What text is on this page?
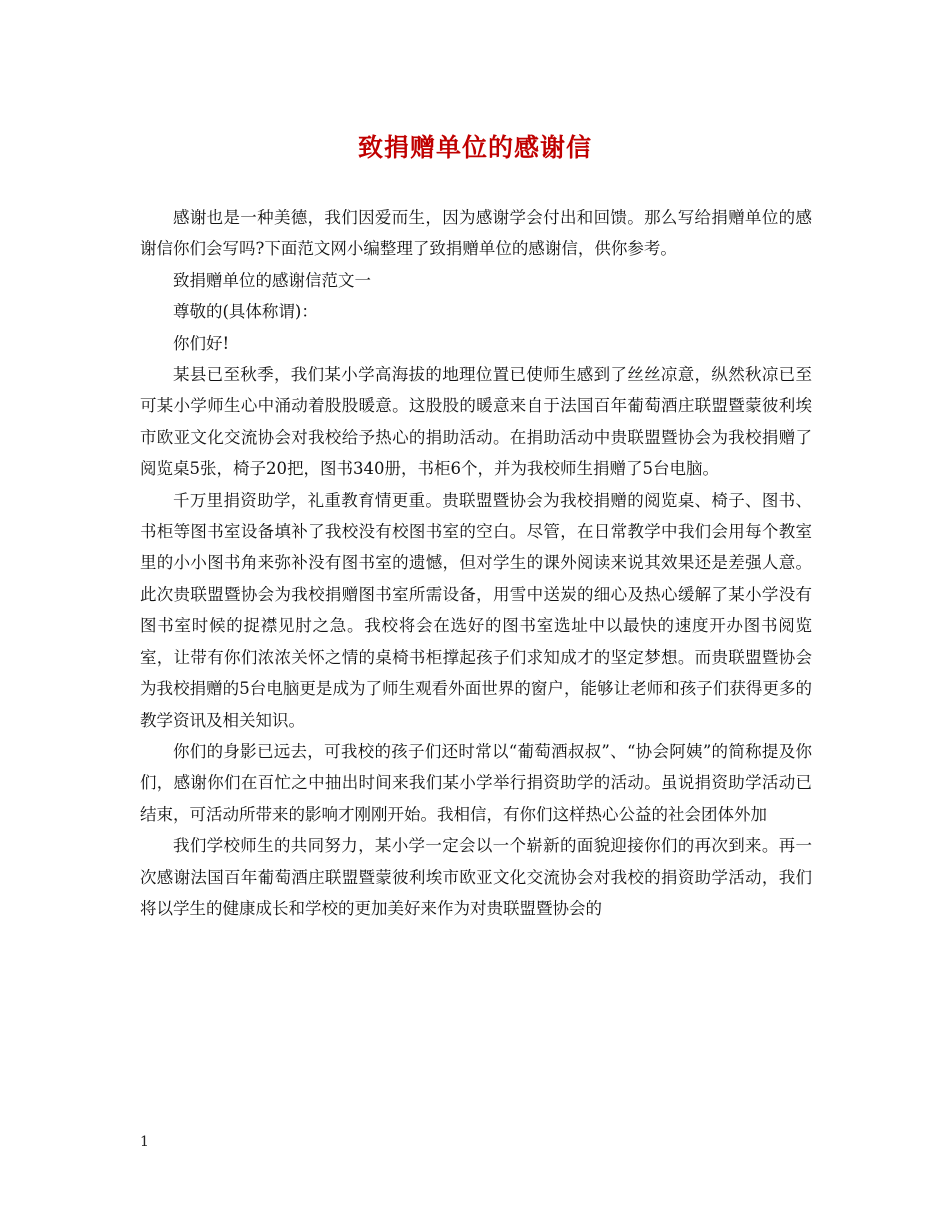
致捐赠单位的感谢信

感谢也是一种美德，我们因爱而生，因为感谢学会付出和回馈。那么写给捐赠单位的感谢信你们会写吗?下面范文网小编整理了致捐赠单位的感谢信，供你参考。

致捐赠单位的感谢信范文一

尊敬的(具体称谓)：

你们好!

某县已至秋季，我们某小学高海拔的地理位置已使师生感到了丝丝凉意，纵然秋凉已至可某小学师生心中涌动着股股暖意。这股股的暖意来自于法国百年葡萄酒庄联盟暨蒙彼利埃市欧亚文化交流协会对我校给予热心的捐助活动。在捐助活动中贵联盟暨协会为我校捐赠了阅览桌5张，椅子20把，图书340册，书柜6个，并为我校师生捐赠了5台电脑。

千万里捐资助学，礼重教育情更重。贵联盟暨协会为我校捐赠的阅览桌、椅子、图书、书柜等图书室设备填补了我校没有校图书室的空白。尽管，在日常教学中我们会用每个教室里的小小图书角来弥补没有图书室的遗憾，但对学生的课外阅读来说其效果还是差强人意。此次贵联盟暨协会为我校捐赠图书室所需设备，用雪中送炭的细心及热心缓解了某小学没有图书室时候的捉襟见肘之急。我校将会在选好的图书室选址中以最快的速度开办图书阅览室，让带有你们浓浓关怀之情的桌椅书柜撑起孩子们求知成才的坚定梦想。而贵联盟暨协会为我校捐赠的5台电脑更是成为了师生观看外面世界的窗户，能够让老师和孩子们获得更多的教学资讯及相关知识。

你们的身影已远去，可我校的孩子们还时常以“葡萄酒叔叔”、“协会阿姨”的简称提及你们，感谢你们在百忙之中抽出时间来我们某小学举行捐资助学的活动。虽说捐资助学活动已结束，可活动所带来的影响才刚刚开始。我相信，有你们这样热心公益的社会团体外加

我们学校师生的共同努力，某小学一定会以一个崭新的面貌迎接你们的再次到来。再一次感谢法国百年葡萄酒庄联盟暨蒙彼利埃市欧亚文化交流协会对我校的捐资助学活动，我们将以学生的健康成长和学校的更加美好来作为对贵联盟暨协会的

1
